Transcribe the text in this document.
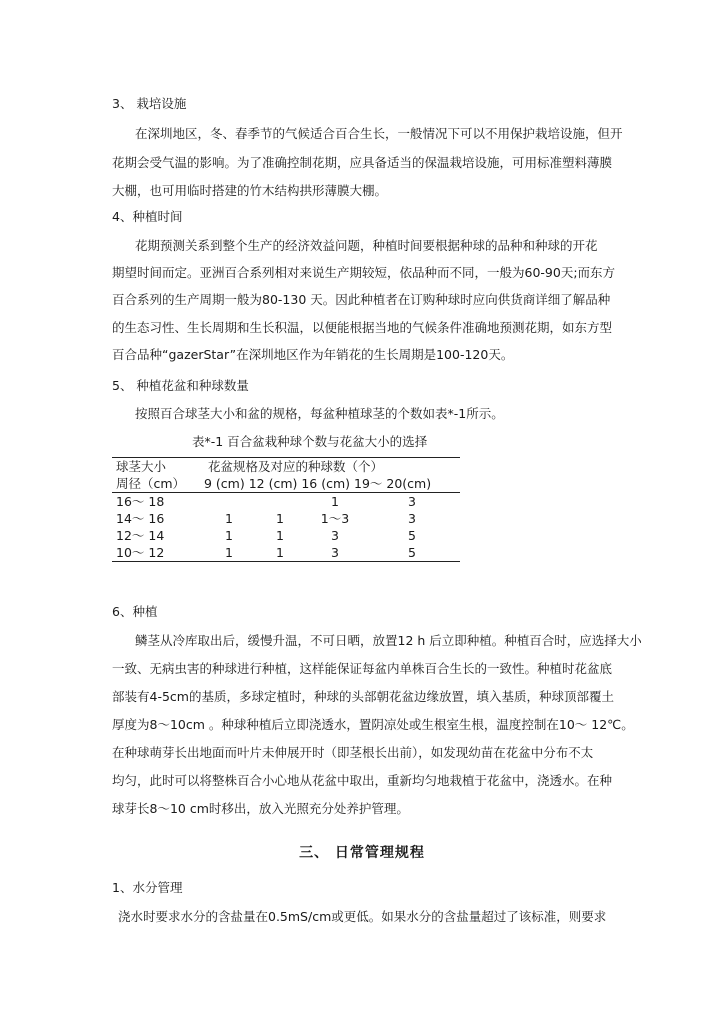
3、 栽培设施
在深圳地区，冬、春季节的气候适合百合生长，一般情况下可以不用保护栽培设施，但开
花期会受气温的影响。为了准确控制花期，应具备适当的保温栽培设施，可用标准塑料薄膜
大棚，也可用临时搭建的竹木结构拱形薄膜大棚。
4、种植时间
花期预测关系到整个生产的经济效益问题，种植时间要根据种球的品种和种球的开花
期望时间而定。亚洲百合系列相对来说生产期较短，依品种而不同，一般为60-90天;而东方
百合系列的生产周期一般为80-130 天。因此种植者在订购种球时应向供货商详细了解品种
的生态习性、生长周期和生长积温，以便能根据当地的气候条件准确地预测花期，如东方型
百合品种“gazerStar”在深圳地区作为年销花的生长周期是100-120天。
5、 种植花盆和种球数量
按照百合球茎大小和盆的规格，每盆种植球茎的个数如表*-1所示。
表*-1 百合盆栽种球个数与花盆大小的选择
球茎大小	花盆规格及对应的种球数（个）			
周径（cm）	9 (cm) 12 (cm) 16 (cm) 19～ 20(cm)			
16～ 18			1	3
14～ 16	1	1	1～3	3
12～ 14	1	1	3	5
10～ 12	1	1	3	5
6、种植
鳞茎从冷库取出后，缓慢升温，不可日晒，放置12 h 后立即种植。种植百合时，应选择大小
一致、无病虫害的种球进行种植，这样能保证每盆内单株百合生长的一致性。种植时花盆底
部装有4-5cm的基质，多球定植时，种球的头部朝花盆边缘放置，填入基质，种球顶部覆土
厚度为8～10cm 。种球种植后立即浇透水，置阴凉处或生根室生根，温度控制在10～ 12℃。
在种球萌芽长出地面而叶片未伸展开时（即茎根长出前），如发现幼苗在花盆中分布不太
均匀，此时可以将整株百合小心地从花盆中取出，重新均匀地栽植于花盆中，浇透水。在种
球芽长8～10 cm时移出，放入光照充分处养护管理。
三、 日常管理规程
1、水分管理
浇水时要求水分的含盐量在0.5mS/cm或更低。如果水分的含盐量超过了该标准，则要求
